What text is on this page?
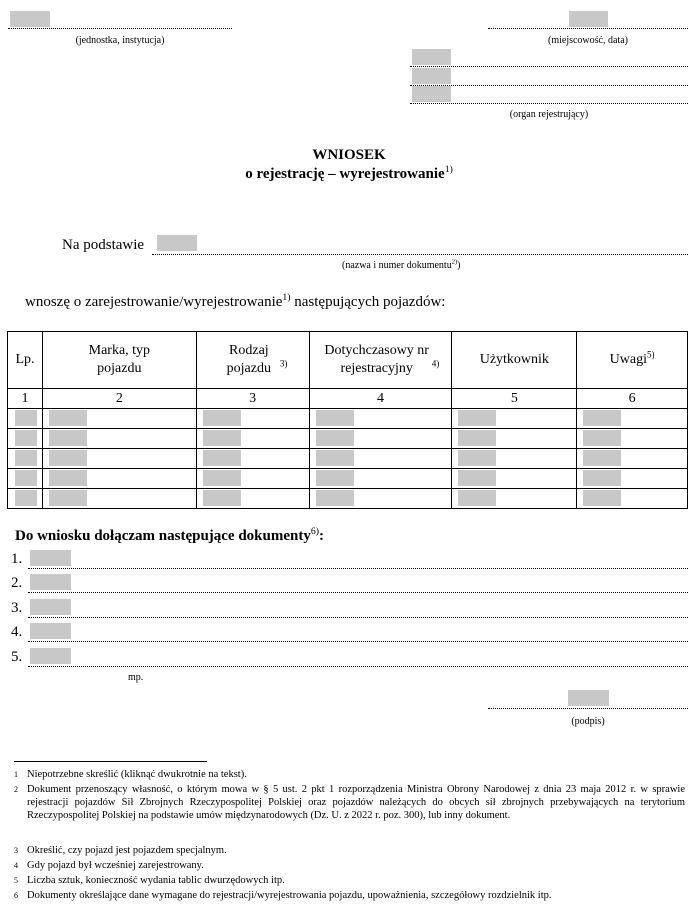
(jednostka, instytucja)	(miejscowość, data)
(organ rejestrujący)
WNIOSEK
o rejestrację – wyrejestrowanie$^{1)}$
Na podstawie
(nazwa i numer dokumentu$^{2)}$)
wnoszę o zarejestrowanie/wyrejestrowanie$^{1)}$ następujących pojazdów:
Lp.	Marka, typ pojazdu	Rodzaj pojazdu $^{3)}$	Dotychczasowy nr rejestracyjny $^{4)}$	Użytkownik	Uwagi$^{5)}$
1	2	3	4	5	6

Do wniosku dołączam następujące dokumenty$^{6)}$:
1.
2.
3.
4.
5.
mp.
(podpis)
1 Niepotrzebne skreślić (kliknąć dwukrotnie na tekst).
2 Dokument przenoszący własność, o którym mowa w § 5 ust. 2 pkt 1 rozporządzenia Ministra Obrony Narodowej z dnia 23 maja 2012 r. w sprawie rejestracji pojazdów Sił Zbrojnych Rzeczypospolitej Polskiej oraz pojazdów należących do obcych sił zbrojnych przebywających na terytorium Rzeczypospolitej Polskiej na podstawie umów międzynarodowych (Dz. U. z 2022 r. poz. 300), lub inny dokument.
3 Określić, czy pojazd jest pojazdem specjalnym.
4 Gdy pojazd był wcześniej zarejestrowany.
5 Liczba sztuk, konieczność wydania tablic dwurzędowych itp.
6 Dokumenty określające dane wymagane do rejestracji/wyrejestrowania pojazdu, upoważnienia, szczegółowy rozdzielnik itp.
